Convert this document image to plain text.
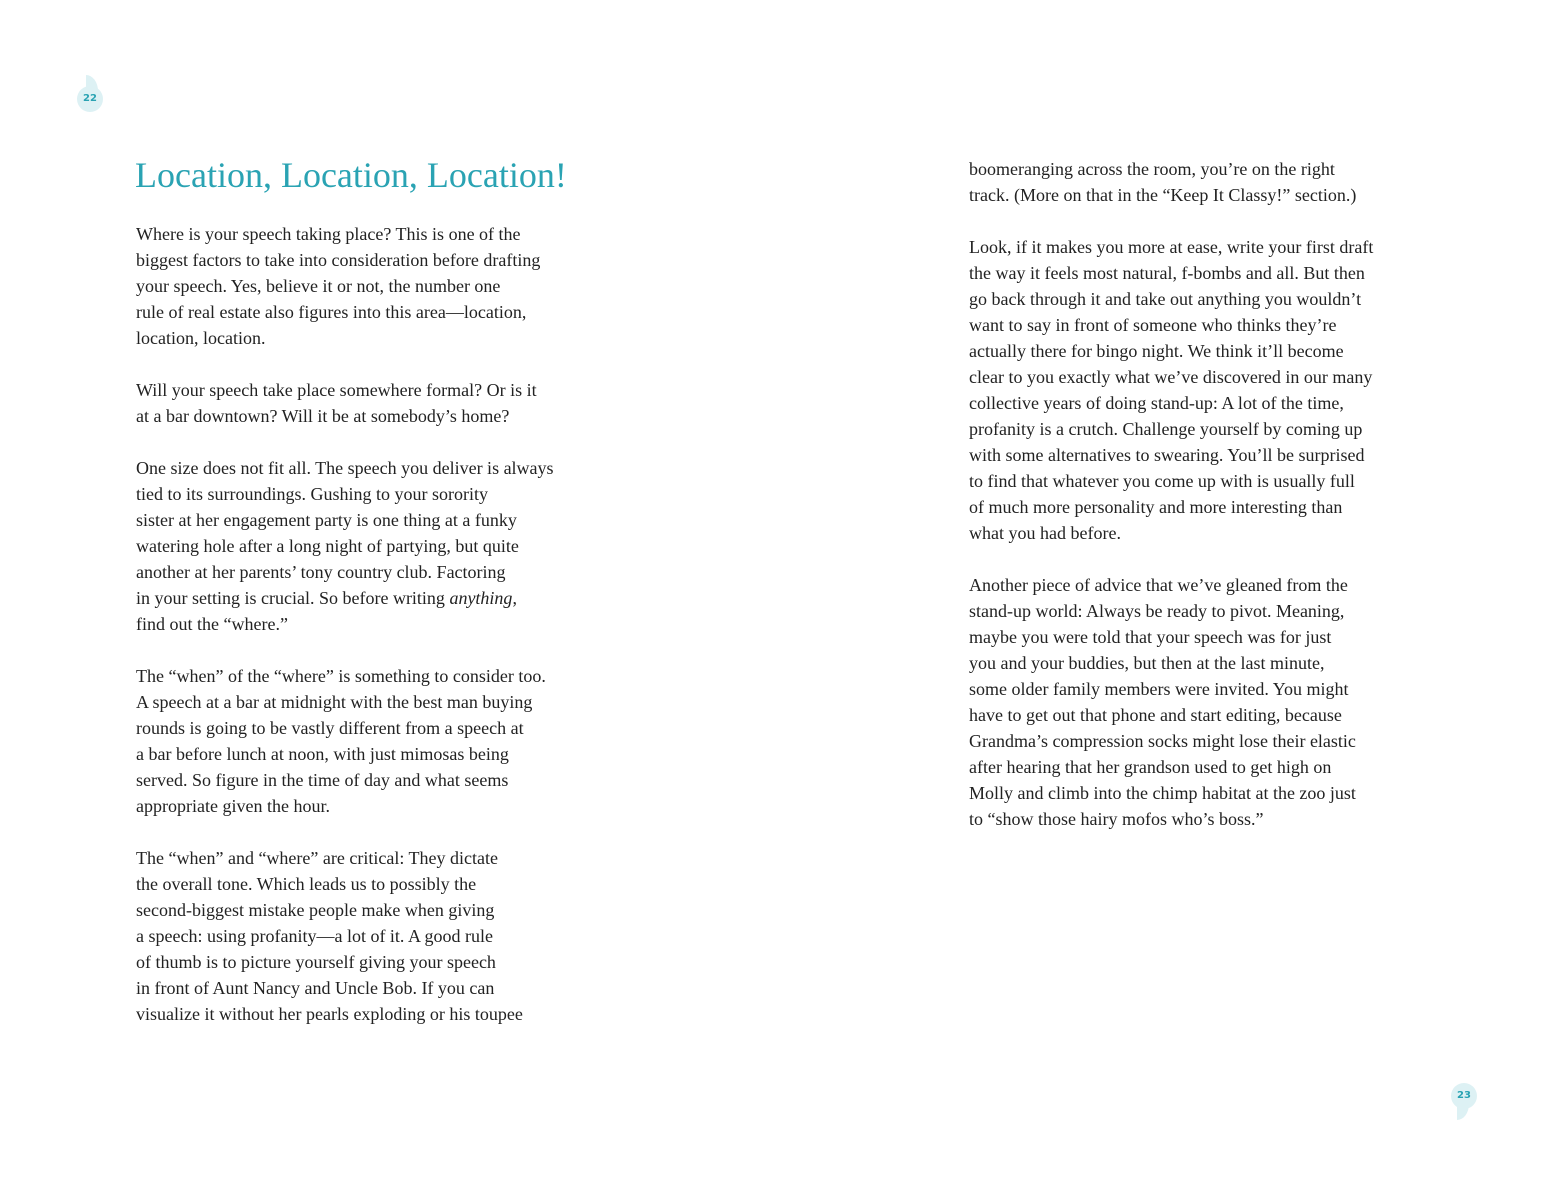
22
Location, Location, Location!

Where is your speech taking place? This is one of the
biggest factors to take into consideration before drafting
your speech. Yes, believe it or not, the number one
rule of real estate also figures into this area—location,
location, location.

Will your speech take place somewhere formal? Or is it
at a bar downtown? Will it be at somebody’s home?

One size does not fit all. The speech you deliver is always
tied to its surroundings. Gushing to your sorority
sister at her engagement party is one thing at a funky
watering hole after a long night of partying, but quite
another at her parents’ tony country club. Factoring
in your setting is crucial. So before writing anything,
find out the “where.”

The “when” of the “where” is something to consider too.
A speech at a bar at midnight with the best man buying
rounds is going to be vastly different from a speech at
a bar before lunch at noon, with just mimosas being
served. So figure in the time of day and what seems
appropriate given the hour.

The “when” and “where” are critical: They dictate
the overall tone. Which leads us to possibly the
second-biggest mistake people make when giving
a speech: using profanity—a lot of it. A good rule
of thumb is to picture yourself giving your speech
in front of Aunt Nancy and Uncle Bob. If you can
visualize it without her pearls exploding or his toupee

boomeranging across the room, you’re on the right
track. (More on that in the “Keep It Classy!” section.)

Look, if it makes you more at ease, write your first draft
the way it feels most natural, f-bombs and all. But then
go back through it and take out anything you wouldn’t
want to say in front of someone who thinks they’re
actually there for bingo night. We think it’ll become
clear to you exactly what we’ve discovered in our many
collective years of doing stand-up: A lot of the time,
profanity is a crutch. Challenge yourself by coming up
with some alternatives to swearing. You’ll be surprised
to find that whatever you come up with is usually full
of much more personality and more interesting than
what you had before.

Another piece of advice that we’ve gleaned from the
stand-up world: Always be ready to pivot. Meaning,
maybe you were told that your speech was for just
you and your buddies, but then at the last minute,
some older family members were invited. You might
have to get out that phone and start editing, because
Grandma’s compression socks might lose their elastic
after hearing that her grandson used to get high on
Molly and climb into the chimp habitat at the zoo just
to “show those hairy mofos who’s boss.”

23
